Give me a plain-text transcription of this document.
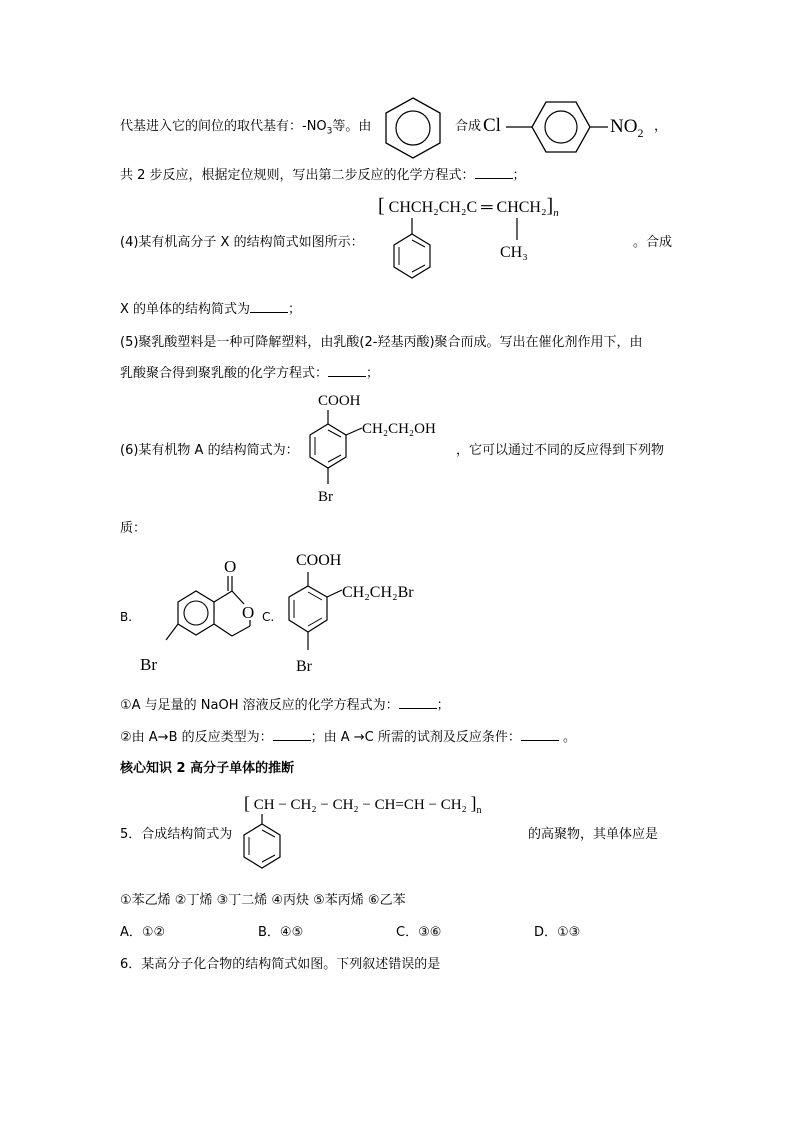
代基进入它的间位的取代基有：$-NO_3$等。由	合成 Cl	$NO_2$ ，
共 2 步反应，根据定位规则，写出第二步反应的化学方程式：	；
[ CHCH₂CH₂C ═ $CHCH_2]_n$
CH₃
(4)某有机高分子 X 的结构简式如图所示：	。合成
X 的单体的结构简式为	；
(5)聚乳酸塑料是一种可降解塑料，由乳酸(2-羟基丙酸)聚合而成。写出在催化剂作用下，由
乳酸聚合得到聚乳酸的化学方程式：	；
COOH
CH₂CH₂OH
Br
(6)某有机物 A 的结构简式为：	，它可以通过不同的反应得到下列物
质：
B.
O
O
Br
C.
COOH
CH₂CH₂Br
Br
①A 与足量的 NaOH 溶液反应的化学方程式为：	；
②由 A→B 的反应类型为：	；由 A →C 所需的试剂及反应条件：	。
核心知识 2 高分子单体的推断
[ CH − CH₂ − CH₂ − CH=CH − CH₂ ]$_n$
5．合成结构简式为	的高聚物，其单体应是
①苯乙烯 ②丁烯 ③丁二烯 ④丙炔 ⑤苯丙烯 ⑥乙苯
A．①②	B．④⑤	C．③⑥	D．①③
6．某高分子化合物的结构简式如图。下列叙述错误的是
